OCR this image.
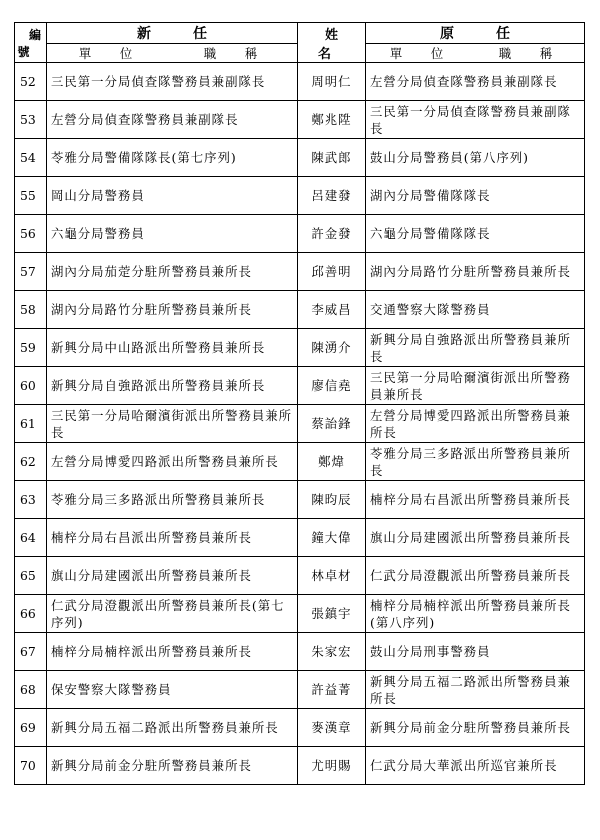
編號	新　任	姓名	原　任

	單　位 職　稱		單　位 職　稱

52	三民第一分局偵查隊警務員兼副隊長	周明仁	左營分局偵查隊警務員兼副隊長
53	左營分局偵查隊警務員兼副隊長	鄭兆陞	三民第一分局偵查隊警務員兼副隊長
54	苓雅分局警備隊隊長(第七序列)	陳武郎	鼓山分局警務員(第八序列)
55	岡山分局警務員	呂建發	湖內分局警備隊隊長
56	六龜分局警務員	許金發	六龜分局警備隊隊長
57	湖內分局茄萣分駐所警務員兼所長	邱善明	湖內分局路竹分駐所警務員兼所長
58	湖內分局路竹分駐所警務員兼所長	李威昌	交通警察大隊警務員
59	新興分局中山路派出所警務員兼所長	陳湧介	新興分局自強路派出所警務員兼所長
60	新興分局自強路派出所警務員兼所長	廖信堯	三民第一分局哈爾濱街派出所警務員兼所長
61	三民第一分局哈爾濱街派出所警務員兼所長	蔡詒鋒	左營分局博愛四路派出所警務員兼所長
62	左營分局博愛四路派出所警務員兼所長	鄭煒	苓雅分局三多路派出所警務員兼所長
63	苓雅分局三多路派出所警務員兼所長	陳昀辰	楠梓分局右昌派出所警務員兼所長
64	楠梓分局右昌派出所警務員兼所長	鐘大偉	旗山分局建國派出所警務員兼所長
65	旗山分局建國派出所警務員兼所長	林卓材	仁武分局澄觀派出所警務員兼所長
66	仁武分局澄觀派出所警務員兼所長(第七序列)	張鎮宇	楠梓分局楠梓派出所警務員兼所長(第八序列)
67	楠梓分局楠梓派出所警務員兼所長	朱家宏	鼓山分局刑事警務員
68	保安警察大隊警務員	許益菁	新興分局五福二路派出所警務員兼所長
69	新興分局五福二路派出所警務員兼所長	麥漢章	新興分局前金分駐所警務員兼所長
70	新興分局前金分駐所警務員兼所長	尤明賜	仁武分局大華派出所巡官兼所長
